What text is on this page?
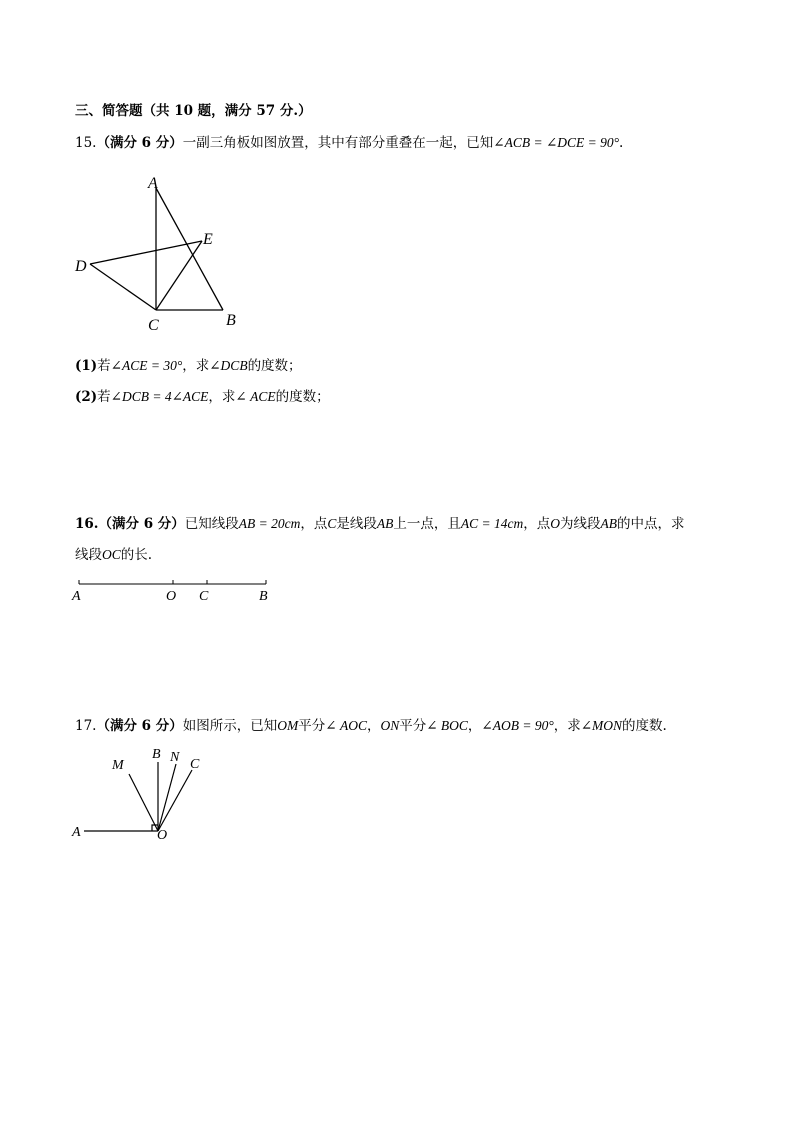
三、简答题（共 10 题，满分 57 分.）
15.（满分 6 分）一副三角板如图放置，其中有部分重叠在一起，已知∠ACB = ∠DCE = 90°.
A
E
D
C	B
(1)若∠ACE = 30°，求∠DCB的度数；
(2)若∠DCB = 4∠ACE，求∠ ACE的度数；
16.（满分 6 分）已知线段AB = 20cm，点C是线段AB上一点，且AC = 14cm，点O为线段AB的中点，求
线段OC的长.
A	O C	B
17.（满分 6 分）如图所示，已知OM平分∠ AOC，ON平分∠ BOC，∠AOB = 90°，求∠MON的度数.
M
B N C
A	O
